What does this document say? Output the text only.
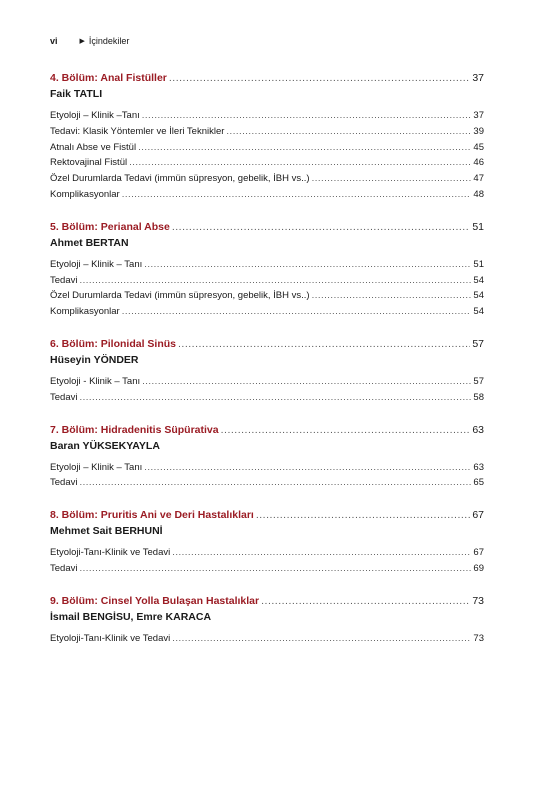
vi	▶ İçindekiler
4. Bölüm: Anal Fistüller .....	37
Faik TATLI
Etyoloji – Klinik –Tanı .....	37
Tedavi: Klasik Yöntemler ve İleri Teknikler .....	39
Atnalı Abse ve Fistül .....	45
Rektovajinal Fistül .....	46
Özel Durumlarda Tedavi (immün süpresyon, gebelik, İBH vs..) .....	47
Komplikasyonlar .....	48
5. Bölüm: Perianal Abse .....	51
Ahmet BERTAN
Etyoloji – Klinik – Tanı .....	51
Tedavi .....	54
Özel Durumlarda Tedavi (immün süpresyon, gebelik, İBH vs..) .....	54
Komplikasyonlar .....	54
6. Bölüm: Pilonidal Sinüs .....	57
Hüseyin YÖNDER
Etyoloji - Klinik – Tanı .....	57
Tedavi .....	58
7. Bölüm: Hidradenitis Süpürativa .....	63
Baran YÜKSEKYAYLA
Etyoloji – Klinik – Tanı .....	63
Tedavi .....	65
8. Bölüm: Pruritis Ani ve Deri Hastalıkları .....	67
Mehmet Sait BERHUNİ
Etyoloji-Tanı-Klinik ve Tedavi .....	67
Tedavi .....	69
9. Bölüm: Cinsel Yolla Bulaşan Hastalıklar .....	73
İsmail BENGİSU, Emre KARACA
Etyoloji-Tanı-Klinik ve Tedavi .....	73
